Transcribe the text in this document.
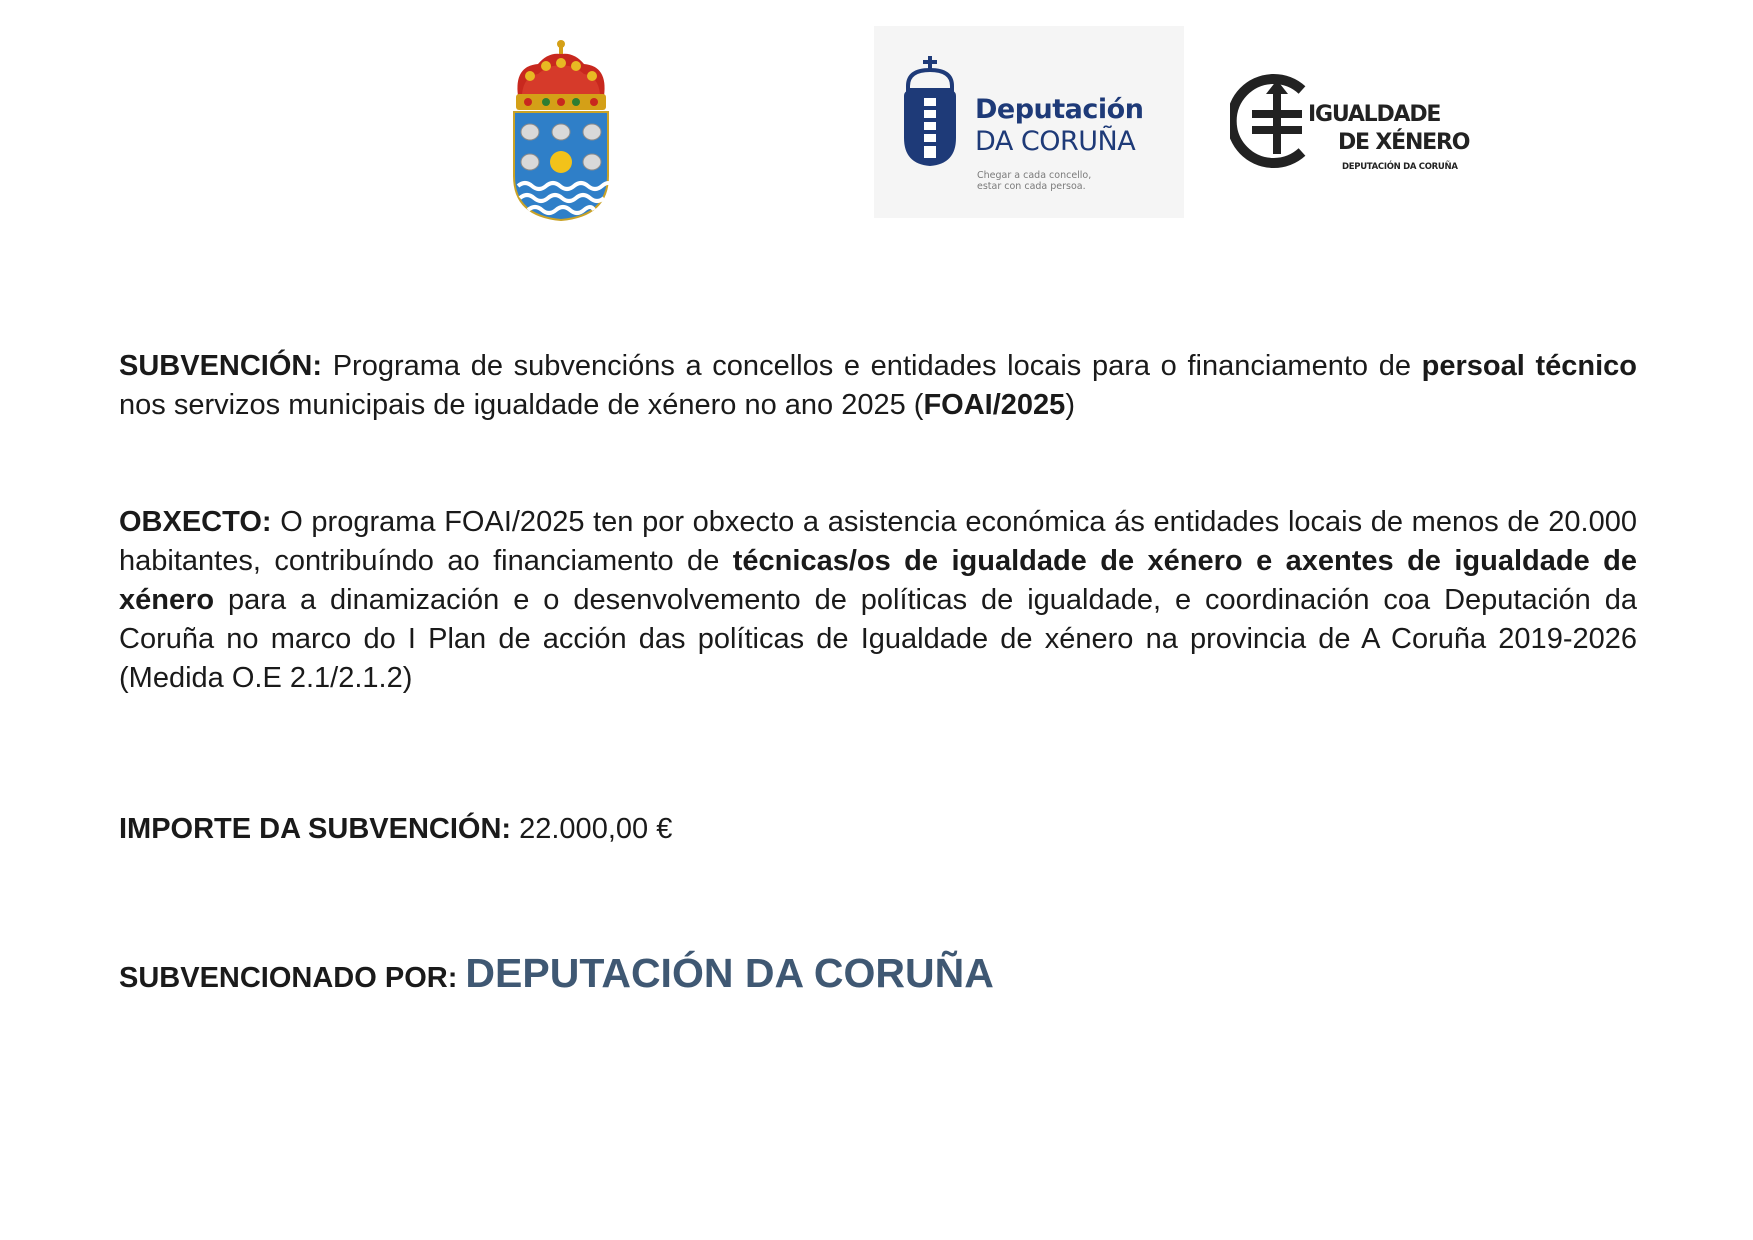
Deputación
DA CORUÑA
Chegar a cada concello,
estar con cada persoa.
IGUALDADE
DE XÉNERO
DEPUTACIÓN DA CORUÑA
SUBVENCIÓN: Programa de subvencións a concellos e entidades locais para o financiamento de persoal técnico nos servizos municipais de igualdade de xénero no ano 2025 (FOAI/2025)
OBXECTO: O programa FOAI/2025 ten por obxecto a asistencia económica ás entidades locais de menos de 20.000 habitantes, contribuíndo ao financiamento de técnicas/os de igualdade de xénero e axentes de igualdade de xénero para a dinamización e o desenvolvemento de políticas de igualdade, e coordinación coa Deputación da Coruña no marco do I Plan de acción das políticas de Igualdade de xénero na provincia de A Coruña 2019-2026 (Medida O.E 2.1/2.1.2)
IMPORTE DA SUBVENCIÓN: 22.000,00 €
SUBVENCIONADO POR: DEPUTACIÓN DA CORUÑA
